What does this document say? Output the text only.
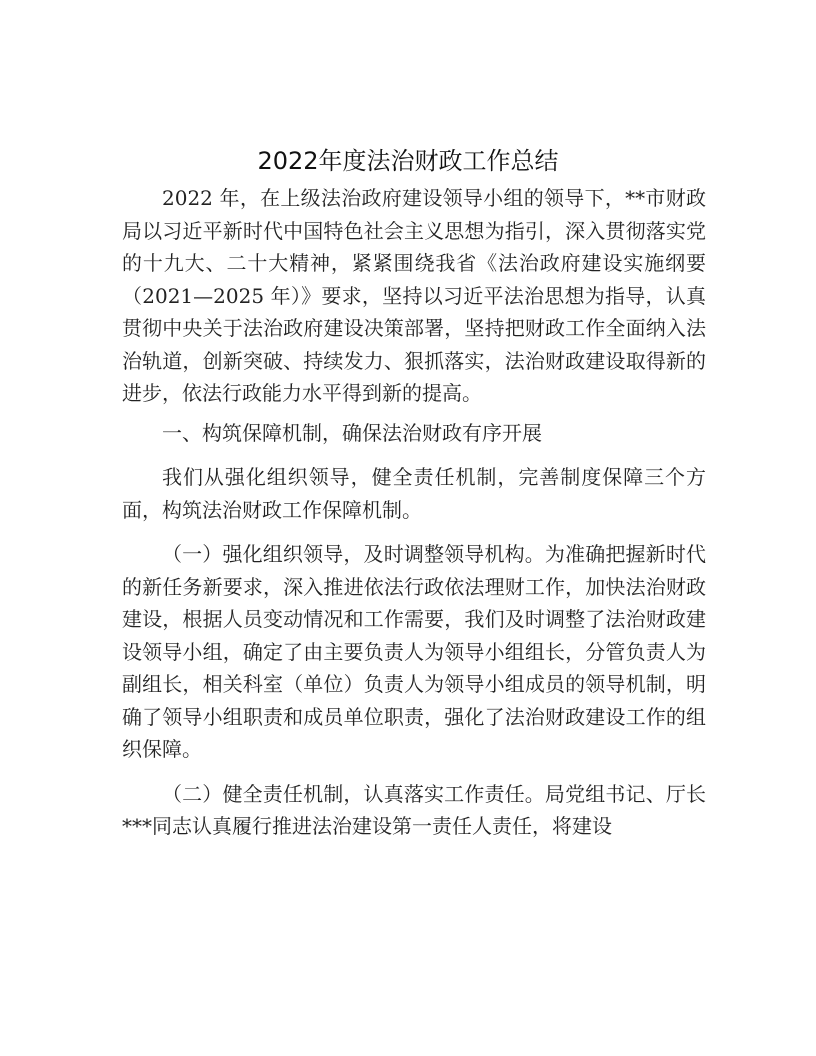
2022年度法治财政工作总结

2022 年，在上级法治政府建设领导小组的领导下，**市财政局以习近平新时代中国特色社会主义思想为指引，深入贯彻落实党的十九大、二十大精神，紧紧围绕我省《法治政府建设实施纲要（2021—2025 年）》要求，坚持以习近平法治思想为指导，认真贯彻中央关于法治政府建设决策部署，坚持把财政工作全面纳入法治轨道，创新突破、持续发力、狠抓落实，法治财政建设取得新的进步，依法行政能力水平得到新的提高。

一、构筑保障机制，确保法治财政有序开展

我们从强化组织领导，健全责任机制，完善制度保障三个方面，构筑法治财政工作保障机制。

（一）强化组织领导，及时调整领导机构。为准确把握新时代的新任务新要求，深入推进依法行政依法理财工作，加快法治财政建设，根据人员变动情况和工作需要，我们及时调整了法治财政建设领导小组，确定了由主要负责人为领导小组组长，分管负责人为副组长，相关科室（单位）负责人为领导小组成员的领导机制，明确了领导小组职责和成员单位职责，强化了法治财政建设工作的组织保障。

（二）健全责任机制，认真落实工作责任。局党组书记、厅长***同志认真履行推进法治建设第一责任人责任，将建设
